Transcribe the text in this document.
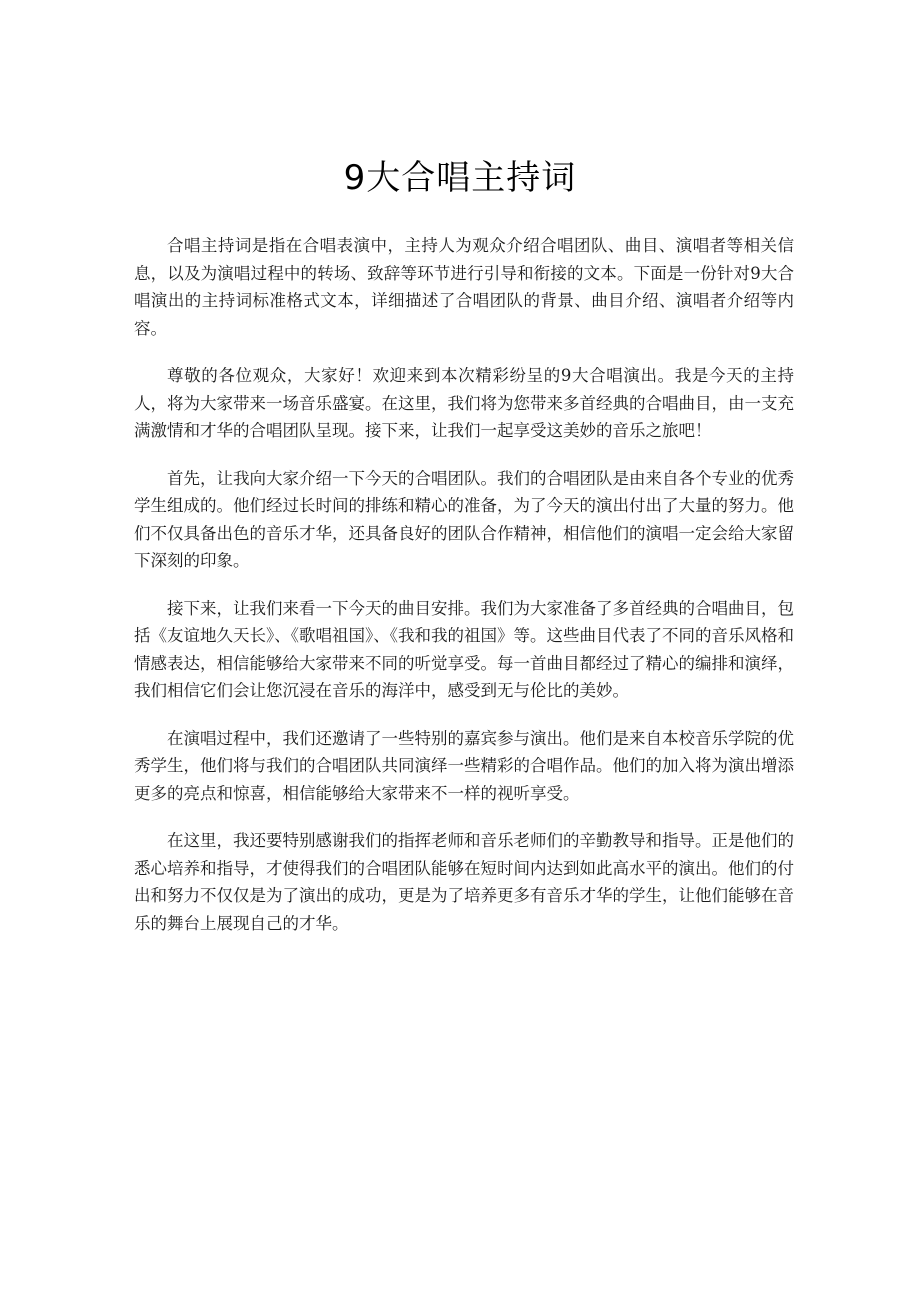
9大合唱主持词

合唱主持词是指在合唱表演中，主持人为观众介绍合唱团队、曲目、演唱者等相关信息，以及为演唱过程中的转场、致辞等环节进行引导和衔接的文本。下面是一份针对9大合唱演出的主持词标准格式文本，详细描述了合唱团队的背景、曲目介绍、演唱者介绍等内容。

尊敬的各位观众，大家好！欢迎来到本次精彩纷呈的9大合唱演出。我是今天的主持人，将为大家带来一场音乐盛宴。在这里，我们将为您带来多首经典的合唱曲目，由一支充满激情和才华的合唱团队呈现。接下来，让我们一起享受这美妙的音乐之旅吧！

首先，让我向大家介绍一下今天的合唱团队。我们的合唱团队是由来自各个专业的优秀学生组成的。他们经过长时间的排练和精心的准备，为了今天的演出付出了大量的努力。他们不仅具备出色的音乐才华，还具备良好的团队合作精神，相信他们的演唱一定会给大家留下深刻的印象。

接下来，让我们来看一下今天的曲目安排。我们为大家准备了多首经典的合唱曲目，包括《友谊地久天长》、《歌唱祖国》、《我和我的祖国》等。这些曲目代表了不同的音乐风格和情感表达，相信能够给大家带来不同的听觉享受。每一首曲目都经过了精心的编排和演绎，我们相信它们会让您沉浸在音乐的海洋中，感受到无与伦比的美妙。

在演唱过程中，我们还邀请了一些特别的嘉宾参与演出。他们是来自本校音乐学院的优秀学生，他们将与我们的合唱团队共同演绎一些精彩的合唱作品。他们的加入将为演出增添更多的亮点和惊喜，相信能够给大家带来不一样的视听享受。

在这里，我还要特别感谢我们的指挥老师和音乐老师们的辛勤教导和指导。正是他们的悉心培养和指导，才使得我们的合唱团队能够在短时间内达到如此高水平的演出。他们的付出和努力不仅仅是为了演出的成功，更是为了培养更多有音乐才华的学生，让他们能够在音乐的舞台上展现自己的才华。
